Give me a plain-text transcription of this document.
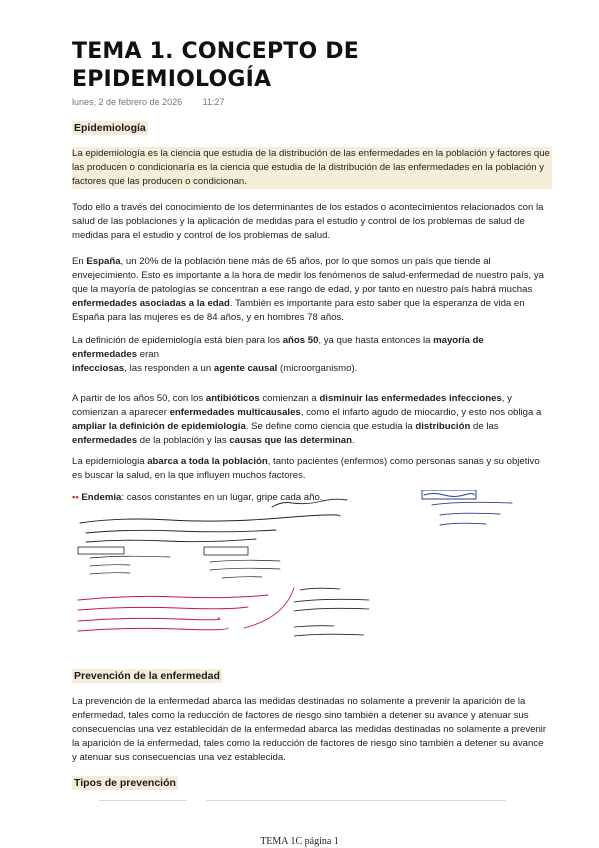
TEMA 1. CONCEPTO DE
EPIDEMIOLOGÍA
lunes, 2 de febrero de 2026 11:27
Epidemiología
La epidemiología es la ciencia que estudia de la distribución de las enfermedades en la población y factores que las producen o condicionaría es la ciencia que estudia de la distribución de las enfermedades en la población y factores que las producen o condicionan.
Todo ello a través del conocimiento de los determinantes de los estados o acontecimientos relacionados con la salud de las poblaciones y la aplicación de medidas para el estudio y control de los problemas de salud de medidas para el estudio y control de los problemas de salud.
En España, un 20% de la población tiene más de 65 años, por lo que somos un país que tiende al envejecimiento. Esto es importante a la hora de medir los fenómenos de salud-enfermedad de nuestro país, ya que la mayoría de patologías se concentran a ese rango de edad, y por tanto en nuestro país habrá muchas enfermedades asociadas a la edad. También es importante para esto saber que la esperanza de vida en España para las mujeres es de 84 años, y en hombres 78 años.
La definición de epidemiología está bien para los años 50, ya que hasta entonces la mayoría de enfermedades eran
infecciosas, las responden a un agente causal (microorganismo).
A partir de los años 50, con los antibióticos comienzan a disminuir las enfermedades infecciones, y comienzan a aparecer enfermedades multicausales, como el infarto agudo de miocardio, y esto nos obliga a ampliar la definición de epidemiología. Se define como ciencia que estudia la distribución de las enfermedades de la población y las causas que las determinan.
La epidemiologia abarca a toda la población, tanto pacientes (enfermos) como personas sanas y su objetivo es buscar la salud, en la que influyen muchos factores.
•• Endemia: casos constantes en un lugar, gripe cada año.
Prevención de la enfermedad
La prevención de la enfermedad abarca las medidas destinadas no solamente a prevenir la aparición de la enfermedad, tales como la reducción de factores de riesgo sino también a detener su avance y atenuar sus consecuencias una vez establecidán de la enfermedad abarca las medidas destinadas no solamente a prevenir la aparición de la enfermedad, tales como la reducción de factores de riesgo sino también a detener su avance y atenuar sus consecuencias una vez establecida.
Tipos de prevención
TEMA 1C página 1
